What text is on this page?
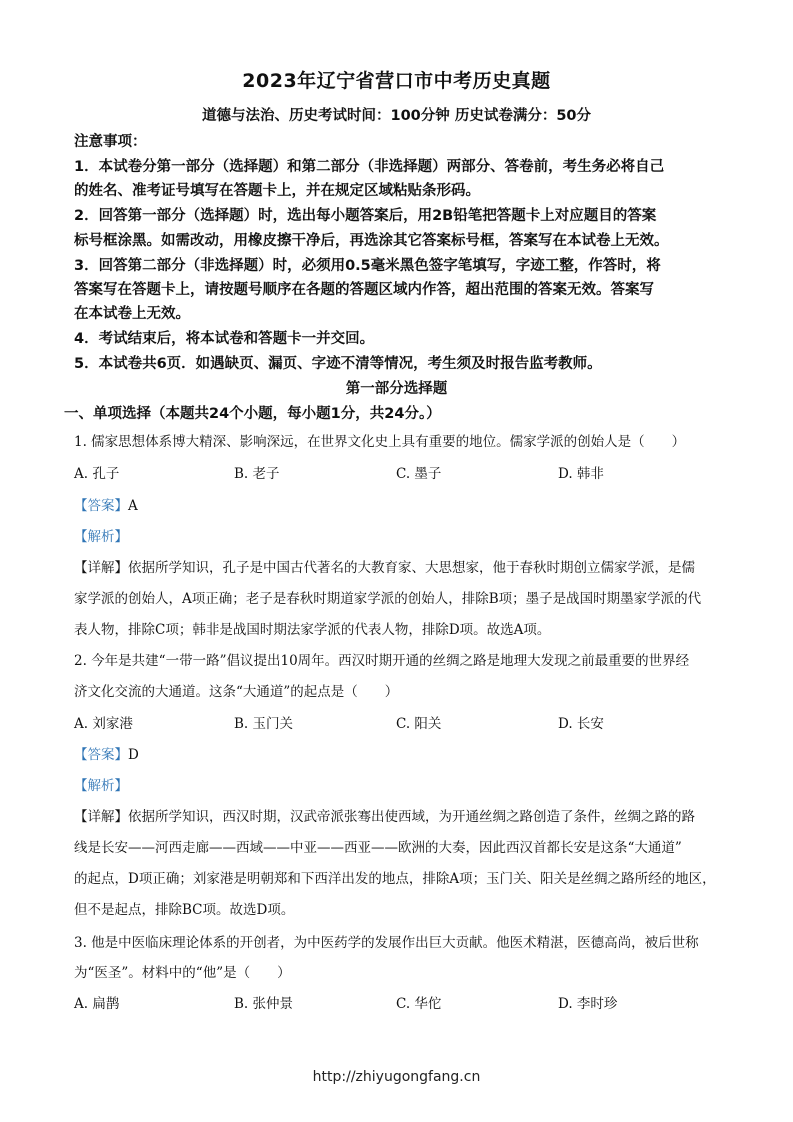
2023年辽宁省营口市中考历史真题
道德与法治、历史考试时间：100分钟 历史试卷满分：50分
注意事项：
1．本试卷分第一部分（选择题）和第二部分（非选择题）两部分、答卷前，考生务必将自己
的姓名、准考证号填写在答题卡上，并在规定区域粘贴条形码。
2．回答第一部分（选择题）时，选出每小题答案后，用2B铅笔把答题卡上对应题目的答案
标号框涂黑。如需改动，用橡皮擦干净后，再选涂其它答案标号框，答案写在本试卷上无效。
3．回答第二部分（非选择题）时，必须用0.5毫米黑色签字笔填写，字迹工整，作答时，将
答案写在答题卡上，请按题号顺序在各题的答题区域内作答，超出范围的答案无效。答案写
在本试卷上无效。
4．考试结束后，将本试卷和答题卡一并交回。
5．本试卷共6页．如遇缺页、漏页、字迹不清等情况，考生须及时报告监考教师。
第一部分选择题
一、单项选择（本题共24个小题，每小题1分，共24分。）
1. 儒家思想体系博大精深、影响深远，在世界文化史上具有重要的地位。儒家学派的创始人是（　　）
A. 孔子	B. 老子	C. 墨子	D. 韩非
【答案】A
【解析】
【详解】依据所学知识，孔子是中国古代著名的大教育家、大思想家，他于春秋时期创立儒家学派，是儒
家学派的创始人，A项正确；老子是春秋时期道家学派的创始人，排除B项；墨子是战国时期墨家学派的代
表人物，排除C项；韩非是战国时期法家学派的代表人物，排除D项。故选A项。
2. 今年是共建“一带一路”倡议提出10周年。西汉时期开通的丝绸之路是地理大发现之前最重要的世界经
济文化交流的大通道。这条“大通道”的起点是（　　）
A. 刘家港	B. 玉门关	C. 阳关	D. 长安
【答案】D
【解析】
【详解】依据所学知识，西汉时期，汉武帝派张骞出使西域，为开通丝绸之路创造了条件，丝绸之路的路
线是长安——河西走廊——西域——中亚——西亚——欧洲的大奏，因此西汉首都长安是这条“大通道”
的起点，D项正确；刘家港是明朝郑和下西洋出发的地点，排除A项；玉门关、阳关是丝绸之路所经的地区，
但不是起点，排除BC项。故选D项。
3. 他是中医临床理论体系的开创者，为中医药学的发展作出巨大贡献。他医术精湛，医德高尚，被后世称
为“医圣”。材料中的“他”是（　　）
A. 扁鹊	B. 张仲景	C. 华佗	D. 李时珍
http://zhiyugongfang.cn
